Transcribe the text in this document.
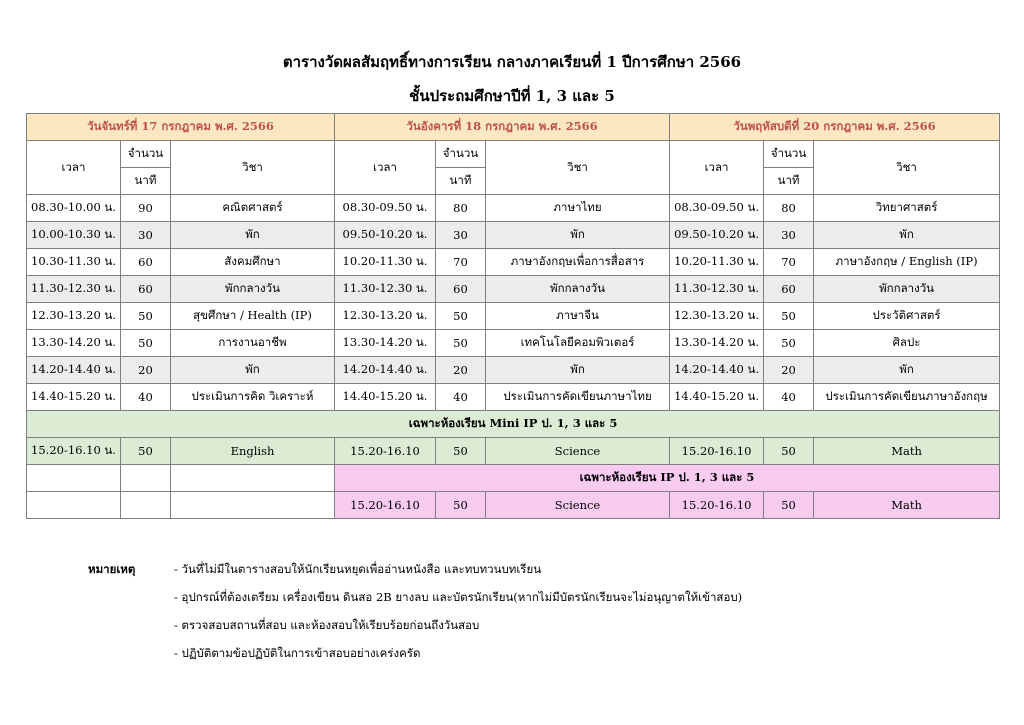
ตารางวัดผลสัมฤทธิ์ทางการเรียน กลางภาคเรียนที่ 1 ปีการศึกษา 2566
ชั้นประถมศึกษาปีที่ 1, 3 และ 5
วันจันทร์ที่ 17 กรกฎาคม พ.ศ. 2566			วันอังคารที่ 18 กรกฎาคม พ.ศ. 2566			วันพฤหัสบดีที่ 20 กรกฎาคม พ.ศ. 2566		
เวลา	จำนวน	วิชา	เวลา	จำนวน	วิชา	เวลา	จำนวน	วิชา
	นาที			นาที			นาที	
08.30-10.00 น.	90	คณิตศาสตร์	08.30-09.50 น.	80	ภาษาไทย	08.30-09.50 น.	80	วิทยาศาสตร์
10.00-10.30 น.	30	พัก	09.50-10.20 น.	30	พัก	09.50-10.20 น.	30	พัก
10.30-11.30 น.	60	สังคมศึกษา	10.20-11.30 น.	70	ภาษาอังกฤษเพื่อการสื่อสาร	10.20-11.30 น.	70	ภาษาอังกฤษ / English (IP)
11.30-12.30 น.	60	พักกลางวัน	11.30-12.30 น.	60	พักกลางวัน	11.30-12.30 น.	60	พักกลางวัน
12.30-13.20 น.	50	สุขศึกษา / Health (IP)	12.30-13.20 น.	50	ภาษาจีน	12.30-13.20 น.	50	ประวัติศาสตร์
13.30-14.20 น.	50	การงานอาชีพ	13.30-14.20 น.	50	เทคโนโลยีคอมพิวเตอร์	13.30-14.20 น.	50	ศิลปะ
14.20-14.40 น.	20	พัก	14.20-14.40 น.	20	พัก	14.20-14.40 น.	20	พัก
14.40-15.20 น.	40	ประเมินการคิด วิเคราะห์	14.40-15.20 น.	40	ประเมินการคัดเขียนภาษาไทย	14.40-15.20 น.	40	ประเมินการคัดเขียนภาษาอังกฤษ
เฉพาะห้องเรียน Mini IP ป. 1, 3 และ 5								
15.20-16.10 น.	50	English	15.20-16.10	50	Science	15.20-16.10	50	Math
			เฉพาะห้องเรียน IP ป. 1, 3 และ 5					
			15.20-16.10	50	Science	15.20-16.10	50	Math
หมายเหตุ	- วันที่ไม่มีในตารางสอบให้นักเรียนหยุดเพื่ออ่านหนังสือ และทบทวนบทเรียน
- อุปกรณ์ที่ต้องเตรียม เครื่องเขียน ดินสอ 2B ยางลบ และบัตรนักเรียน(หากไม่มีบัตรนักเรียนจะไม่อนุญาตให้เข้าสอบ)
- ตรวจสอบสถานที่สอบ และห้องสอบให้เรียบร้อยก่อนถึงวันสอบ
- ปฏิบัติตามข้อปฏิบัติในการเข้าสอบอย่างเคร่งครัด
